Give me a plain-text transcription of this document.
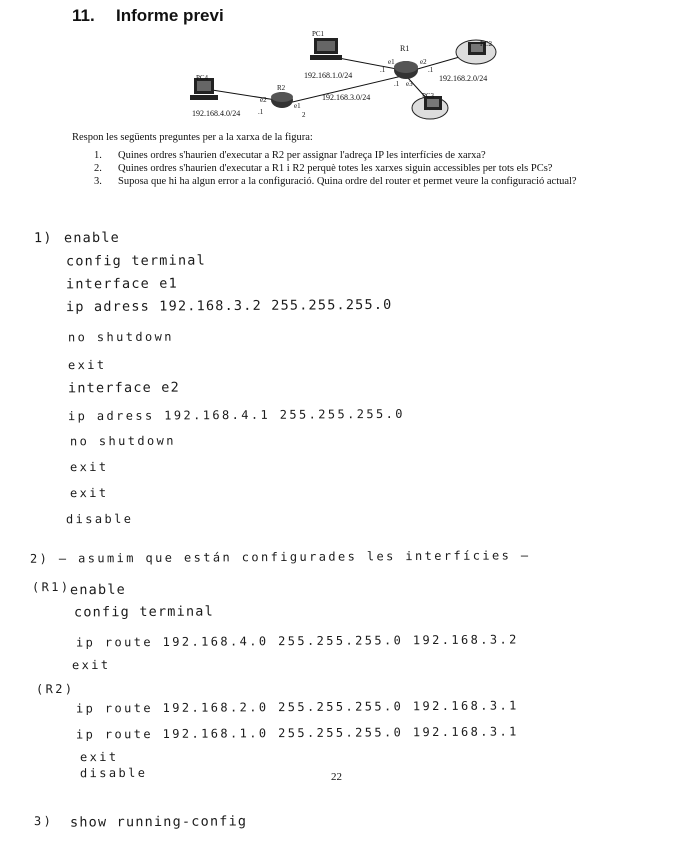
11. Informe previ
PC1
PC2
PC3
PC4
R1
R2
192.168.1.0/24	192.168.2.0/24
192.168.3.0/24
192.168.4.0/24
e1
.1
e2
.1
e3
.1
e2
.1
e1
2
Respon les següents preguntes per a la xarxa de la figura:
1.	Quines ordres s'haurien d'executar a R2 per assignar l'adreça IP les interfícies de xarxa?
2.	Quines ordres s'haurien d'executar a R1 i R2 perquè totes les xarxes siguin accessibles per tots els PCs?
3.	Suposa que hi ha algun error a la configuració. Quina ordre del router et permet veure la configuració actual?
1) enable
config terminal
interface e1
ip adress 192.168.3.2 255.255.255.0
no shutdown
exit
interface e2
ip adress 192.168.4.1 255.255.255.0
no shutdown
exit
exit
disable
2) — asumim que están configurades les interfícies —
(R1) enable
config terminal
ip route 192.168.4.0 255.255.255.0 192.168.3.2
exit
(R2)
ip route 192.168.2.0 255.255.255.0 192.168.3.1
ip route 192.168.1.0 255.255.255.0 192.168.3.1
exit
disable	22
3) show running-config
